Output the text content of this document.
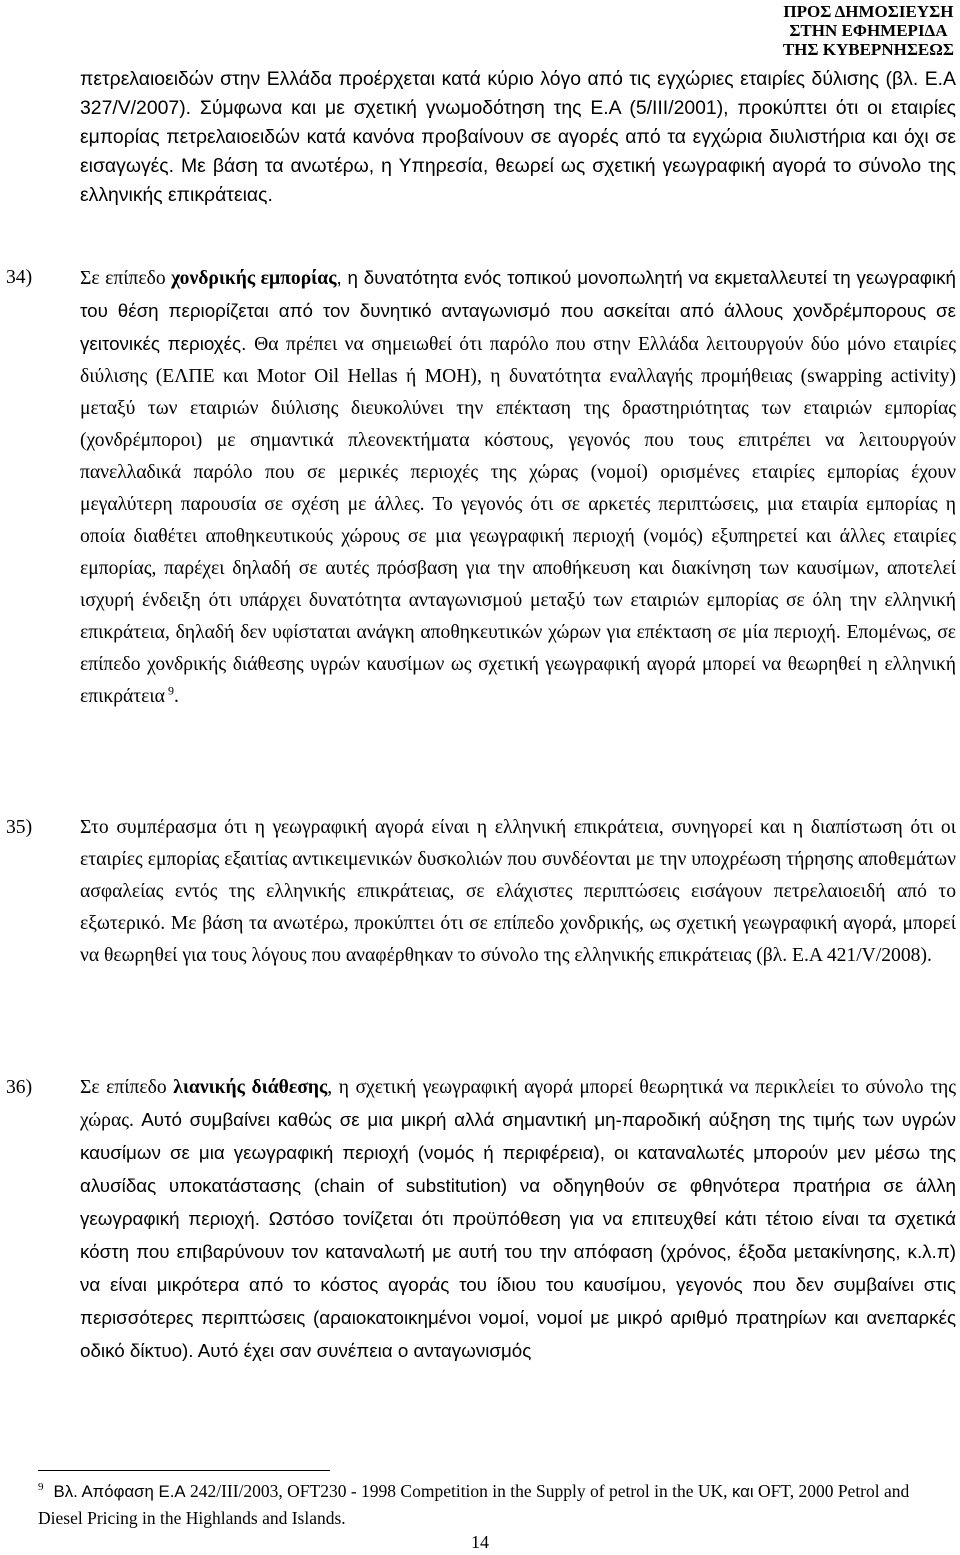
ΠΡΟΣ ΔΗΜΟΣΙΕΥΣΗ
ΣΤΗΝ ΕΦΗΜΕΡΙΔΑ
ΤΗΣ ΚΥΒΕΡΝΗΣΕΩΣ
πετρελαιοειδών στην Ελλάδα προέρχεται κατά κύριο λόγο από τις εγχώριες εταιρίες δύλισης (βλ. Ε.Α 327/V/2007). Σύμφωνα και με σχετική γνωμοδότηση της Ε.Α (5/ΙΙΙ/2001), προκύπτει ότι οι εταιρίες εμπορίας πετρελαιοειδών κατά κανόνα προβαίνουν σε αγορές από τα εγχώρια διυλιστήρια και όχι σε εισαγωγές. Με βάση τα ανωτέρω, η Υπηρεσία, θεωρεί ως σχετική γεωγραφική αγορά το σύνολο της ελληνικής επικράτειας.
34) Σε επίπεδο χονδρικής εμπορίας, η δυνατότητα ενός τοπικού μονοπωλητή να εκμεταλλευτεί τη γεωγραφική του θέση περιορίζεται από τον δυνητικό ανταγωνισμό που ασκείται από άλλους χονδρέμπορους σε γειτονικές περιοχές. Θα πρέπει να σημειωθεί ότι παρόλο που στην Ελλάδα λειτουργούν δύο μόνο εταιρίες διύλισης (ΕΛΠΕ και Motor Oil Hellas ή ΜΟΗ), η δυνατότητα εναλλαγής προμήθειας (swapping activity) μεταξύ των εταιριών διύλισης διευκολύνει την επέκταση της δραστηριότητας των εταιριών εμπορίας (χονδρέμποροι) με σημαντικά πλεονεκτήματα κόστους, γεγονός που τους επιτρέπει να λειτουργούν πανελλαδικά παρόλο που σε μερικές περιοχές της χώρας (νομοί) ορισμένες εταιρίες εμπορίας έχουν μεγαλύτερη παρουσία σε σχέση με άλλες. Το γεγονός ότι σε αρκετές περιπτώσεις, μια εταιρία εμπορίας η οποία διαθέτει αποθηκευτικούς χώρους σε μια γεωγραφική περιοχή (νομός) εξυπηρετεί και άλλες εταιρίες εμπορίας, παρέχει δηλαδή σε αυτές πρόσβαση για την αποθήκευση και διακίνηση των καυσίμων, αποτελεί ισχυρή ένδειξη ότι υπάρχει δυνατότητα ανταγωνισμού μεταξύ των εταιριών εμπορίας σε όλη την ελληνική επικράτεια, δηλαδή δεν υφίσταται ανάγκη αποθηκευτικών χώρων για επέκταση σε μία περιοχή. Επομένως, σε επίπεδο χονδρικής διάθεσης υγρών καυσίμων ως σχετική γεωγραφική αγορά μπορεί να θεωρηθεί η ελληνική επικράτεια $^9$.
35) Στο συμπέρασμα ότι η γεωγραφική αγορά είναι η ελληνική επικράτεια, συνηγορεί και η διαπίστωση ότι οι εταιρίες εμπορίας εξαιτίας αντικειμενικών δυσκολιών που συνδέονται με την υποχρέωση τήρησης αποθεμάτων ασφαλείας εντός της ελληνικής επικράτειας, σε ελάχιστες περιπτώσεις εισάγουν πετρελαιοειδή από το εξωτερικό. Με βάση τα ανωτέρω, προκύπτει ότι σε επίπεδο χονδρικής, ως σχετική γεωγραφική αγορά, μπορεί να θεωρηθεί για τους λόγους που αναφέρθηκαν το σύνολο της ελληνικής επικράτειας (βλ. Ε.Α 421/V/2008).
36) Σε επίπεδο λιανικής διάθεσης, η σχετική γεωγραφική αγορά μπορεί θεωρητικά να περικλείει το σύνολο της χώρας. Αυτό συμβαίνει καθώς σε μια μικρή αλλά σημαντική μη-παροδική αύξηση της τιμής των υγρών καυσίμων σε μια γεωγραφική περιοχή (νομός ή περιφέρεια), οι καταναλωτές μπορούν μεν μέσω της αλυσίδας υποκατάστασης (chain of substitution) να οδηγηθούν σε φθηνότερα πρατήρια σε άλλη γεωγραφική περιοχή. Ωστόσο τονίζεται ότι προϋπόθεση για να επιτευχθεί κάτι τέτοιο είναι τα σχετικά κόστη που επιβαρύνουν τον καταναλωτή με αυτή του την απόφαση (χρόνος, έξοδα μετακίνησης, κ.λ.π) να είναι μικρότερα από το κόστος αγοράς του ίδιου του καυσίμου, γεγονός που δεν συμβαίνει στις περισσότερες περιπτώσεις (αραιοκατοικημένοι νομοί, νομοί με μικρό αριθμό πρατηρίων και ανεπαρκές οδικό δίκτυο). Αυτό έχει σαν συνέπεια ο ανταγωνισμός
$^9$ Βλ. Απόφαση Ε.Α 242/ΙΙΙ/2003, OFT230 - 1998 Competition in the Supply of petrol in the UK, και OFT, 2000 Petrol and Diesel Pricing in the Highlands and Islands.
14
